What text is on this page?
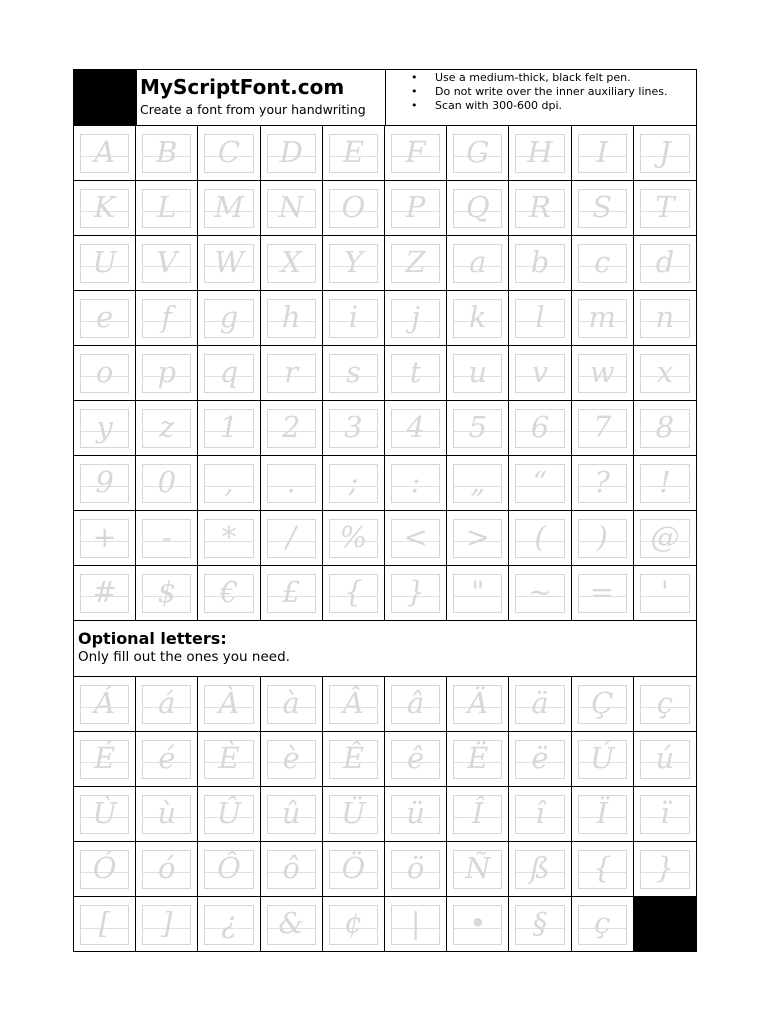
MyScriptFont.com
Create a font from your handwriting
• Use a medium-thick, black felt pen.
• Do not write over the inner auxiliary lines.
• Scan with 300-600 dpi.
A	B	C	D	E	F	G	H	I	J
K	L	M	N	O	P	Q	R	S	T
U	V	W	X	Y	Z	a	b	c	d
e	f	g	h	i	j	k	l	m	n
o	p	q	r	s	t	u	v	w	x
y	z	1	2	3	4	5	6	7	8
9	0	,	.	;	:	„	“	?	!
+	-	*	/	%	<	>	(	)	@
#	$	€	£	{	}	"	~	=	'
Optional letters:
Only fill out the ones you need.
Á	á	À	à	Â	â	Ä	ä	Ç	ç
É	é	È	è	Ê	ê	Ë	ë	Ú	ú
Ù	ù	Û	û	Ü	ü	Î	î	Ï	ï
Ó	ó	Ô	ô	Ö	ö	Ñ	ß	{	}
[	]	¿	&	¢	|	•	§	ç
